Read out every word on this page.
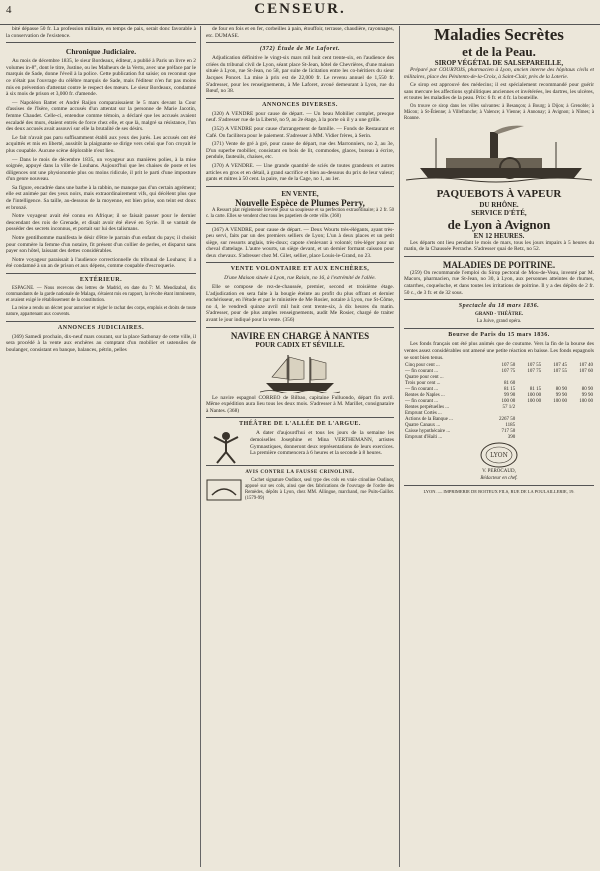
4	CENSEUR.

bité dépasse 50 fr. La profession militaire, en temps de paix, serait donc favorable à la conservation de l'existence.

Chronique Judiciaire.

Au mois de décembre 1835, le sieur Bordeaux, éditeur, a publié à Paris un livre en 2 volumes in-8°, dont le titre, Justine, ou les Malheurs de la Vertu, avec une préface par le marquis de Sade, donne l'éveil à la police. Cette publication fut saisie; on reconnut que ce n'était pas l'ouvrage du célèbre marquis de Sade, mais l'éditeur n'en fut pas moins mis en prévention d'attentat contre le respect des mœurs. Le sieur Bordeaux, condamné à six mois de prison et 3,000 fr. d'amende.

— Napoléon Battet et André Raijon comparaissaient le 5 mars devant la Cour d'assises de l'Isère, comme accusés d'un attentat sur la personne de Marie Jacotin, femme Chaudet. Celle-ci, entendue comme témoin, a déclaré que les accusés avaient escaladé des murs, étaient entrés de force chez elle, et que là, malgré sa résistance, l'un des deux accusés avait assouvi sur elle la brutalité de ses désirs.

Le fait n'avait pas paru suffisamment établi aux yeux des jurés. Les accusés ont été acquittés et mis en liberté, aussitôt la plaignante se dirige vers celui que l'on croyait le plus coupable. Aucune scène déplorable n'eut lieu.

— Dans le mois de décembre 1835, un voyageur aux manières polies, à la mise soignée, appuyé dans la ville de Louhans. Aujourd'hui que les chaises de poste et les diligences ont une physionomie plus ou moins ridicule, il prit le parti d'une imposture d'un genre nouveau.

Sa figure, encadrée dans une barbe à la rabbin, ne manque pas d'un certain agrément; elle est animée par des yeux noirs, mais extraordinairement vifs, qui décèlent plus que de l'intelligence. Sa taille, au-dessous de la moyenne, est bien prise, son teint est doux et bronzé.

Notre voyageur avait été connu en Afrique; il se faisait passer pour le dernier descendant des rois de Grenade, et disait avoir été élevé en Syrie. Il se vantait de posséder des secrets inconnus, et portait sur lui des talismans.

Notre gentilhomme manifesta le désir d'être le parrain d'un enfant du pays; il choisit pour commère la femme d'un notaire, fit présent d'un collier de perles, et disparut sans payer son hôtel, laissant des dettes considérables.

Notre voyageur paraissait à l'audience correctionnelle du tribunal de Louhans; il a été condamné à un an de prison et aux dépens, comme coupable d'escroquerie.

EXTÉRIEUR.

ESPAGNE. — Nous recevons des lettres de Madrid, en date du 7: M. Mendizabal, dix commandants de la garde nationale de Malaga, s'étaient mis en rapport, la révolte étant imminente, et avaient exigé le rétablissement de la constitution.

La reine a rendu un décret pour autoriser et régler le rachat des corps, emplois et droits de toute nature, appartenant aux couvents.

ANNONCES JUDICIAIRES.

(369) Samedi prochain, dix-neuf mars courant, sur la place Sathonay de cette ville, il sera procédé à la vente aux enchères au comptant d'un mobilier et ustensiles de boulanger, consistant en banque, balances, pétrin, pelles

de four en fois et en fer, corbeilles à pain, étouffoir, terrasse, chaudière, rayonnages, etc. DUMASE.

(372) Étude de Me Laforet.

Adjudication définitive le vingt-six mars mil huit cent trente-six, en l'audience des criées du tribunal civil de Lyon, séant place St-Jean, hôtel de Chevrières, d'une maison située à Lyon, rue St-Jean, no 58, par suite de licitation entre les co-héritiers du sieur Jacques Poncet. La mise à prix est de 22,000 fr. Le revenu annuel de 1,550 fr. S'adresser, pour les renseignements, à Me Laforet, avoué demeurant à Lyon, rue du Bœuf, no 38.

ANNONCES DIVERSES.

(320) A VENDRE pour cause de départ. — Un beau Mobilier complet, presque neuf. S'adresser rue de la Liberté, no 9, au 2e étage, à la porte où il y a une grille.

(352) A VENDRE pour cause d'arrangement de famille. — Fonds de Restaurant et Café. On facilitera pour le paiement. S'adresser à MM. Vidier frères, à Serin.

(371) Vente de gré à gré, pour cause de départ, rue des Marronniers, no 2, au 3e, D'un superbe mobilier, consistant en bois de lit, commodes, glaces, bureau à écrire, pendule, fauteuils, chaises, etc.

(370) A VENDRE. — Une grande quantité de sciés de toutes grandeurs et autres articles en gros et en détail, à grand sacrifice et bien au-dessous du prix de leur valeur; gants et mitres à 50 cent. la paire, rue de la Cage, no 1, au 1er.

EN VENTE,
Nouvelle Espèce de Plumes Perry,

A Ressort plat réglementé breveté pour sa souplesse et sa perfection extraordinaire; à 2 fr. 50 c. la carte. Elles se vendent chez tous les papetiers de cette ville. (360)

(367) A VENDRE, pour cause de départ. — Deux Wourts très-élégants, ayant très-peu servi, faits par un des premiers selliers de Lyon; L'un à deux places et un petit siège, sur ressorts anglais, très-doux; capote s'enlevant à volonté; très-léger pour un cheval d'attelage. L'autre wourts, un siège devant, et un dernier formant caisson pour deux chevaux. S'adresser chez M. Gilet, sellier, place Louis-le-Grand, no 23.

VENTE VOLONTAIRE ET AUX ENCHÈRES,

D'une Maison située à Lyon, rue Raisin, no 16, à l'extrémité de l'allée.

Elle se compose de rez-de-chaussée, premier, second et troisième étage. L'adjudication en sera faite à la bougie éteinte au profit du plus offrant et dernier enchérisseur, en l'étude et par le ministère de Me Rosier, notaire à Lyon, rue St-Côme, no 4, le vendredi quinze avril mil huit cent trente-six, à dix heures du matin. S'adresser, pour de plus amples renseignements, audit Me Rosier, chargé de traiter avant le jour indiqué pour la vente. (356)

NAVIRE EN CHARGE À NANTES
POUR CADIX ET SÉVILLE.

Le navire espagnol CORREO de Bilbao, capitaine Fulluondo, départ fin avril. Même expédition aura lieu tous les deux mois. S'adresser à M. Marillet, consignataire à Nantes. (368)

THÉÂTRE DE L'ALLÉE DE L'ARGUE.

A dater d'aujourd'hui et tous les jours de la semaine les demoiselles Josephine et Mina VERTHEMANN, artistes Gymnastiques, donneront deux représentations de leurs exercices. La première commencera à 6 heures et la seconde à 8 heures.

AVIS CONTRE LA FAUSSE CRINOLINE.

Cachet signature Oudinot, seul type des cols en vraie crinoline Oudinot, apposé sur ses cols, ainsi que des fabrications de l'ouvrage de l'ordre des Remèdes, dépôts à Lyon, chez MM. Allingue, marchand, rue Puits-Gaillot. (1579-99)

Maladies Secrètes
et de la Peau.
SIROP VÉGÉTAL DE SALSEPAREILLE,

Préparé par COURTOIS, pharmacien à Lyon, ancien interne des hôpitaux civils et militaires, place des Pénitents-de-la-Croix, à Saint-Clair, près de la Loterie.

Ce sirop est approuvé des médecins; il est spécialement recommandé pour guérir sans mercure les affections syphilitiques anciennes et invétérées, les dartres, les ulcères, et toutes les maladies de la peau. Prix: 6 fr. et 4 fr. la bouteille.

On trouve ce sirop dans les villes suivantes: à Besançon; à Bourg; à Dijon; à Grenoble; à Mâcon; à St-Étienne; à Villefranche; à Valence; à Vienne; à Annonay; à Avignon; à Nîmes; à Roanne.

PAQUEBOTS À VAPEUR
DU RHÔNE.
SERVICE D'ÉTÉ,
de Lyon à Avignon
EN 12 HEURES.

Les départs ont lieu pendant le mois de mars, tous les jours impairs à 5 heures du matin, de la Chaussée Perrache. S'adresser quai de Retz, no 52.

MALADIES DE POITRINE.

(259) On recommande l'emploi du Sirop pectoral de Mou-de-Veau, inventé par M. Macors, pharmacien, rue St-Jean, no 30, à Lyon, aux personnes atteintes de rhumes, catarrhes, coqueluche, et dans toutes les irritations de poitrine. Il y a des dépôts de 2 fr. 50 c., de 3 fr. et de 32 sous.

Spectacle du 18 mars 1836.
GRAND - THÉÂTRE.
La Juive, grand opéra.
Bourse de Paris du 15 mars 1836.

Les fonds français ont été plus animés que de coutume. Vers la fin de la bourse des ventes assez considérables ont amené une petite réaction en baisse. Les fonds espagnols se sont bien tenus.

Cinq pour cent ...	107 50	107 55	107 45	107 40
— fin courant ...	107 75	107 75	107 55	107 60
Quatre pour cent ...				
Trois pour cent ...	81 60			
— fin courant ...	81 15	81 15	80 90	80 90
Rentes de Naples ...	99 90	100 00	99 90	99 90
— fin courant ...	100 00	100 00	100 00	100 00
Rentes perpétuelles ...	57 1/2			
Emprunt Cortès ...				
Actions de la Banque ...	2267 50			
Quatre Canaux ...	1185			
Caisse hypothécaire ...	717 50			
Emprunt d'Haïti ...	390			
LYON
V. PEROCAUD,
Rédacteur en chef.
LYON. — IMPRIMERIE DE BOITEUX FILS, RUE DE LA POULAILLERIE, 19.
